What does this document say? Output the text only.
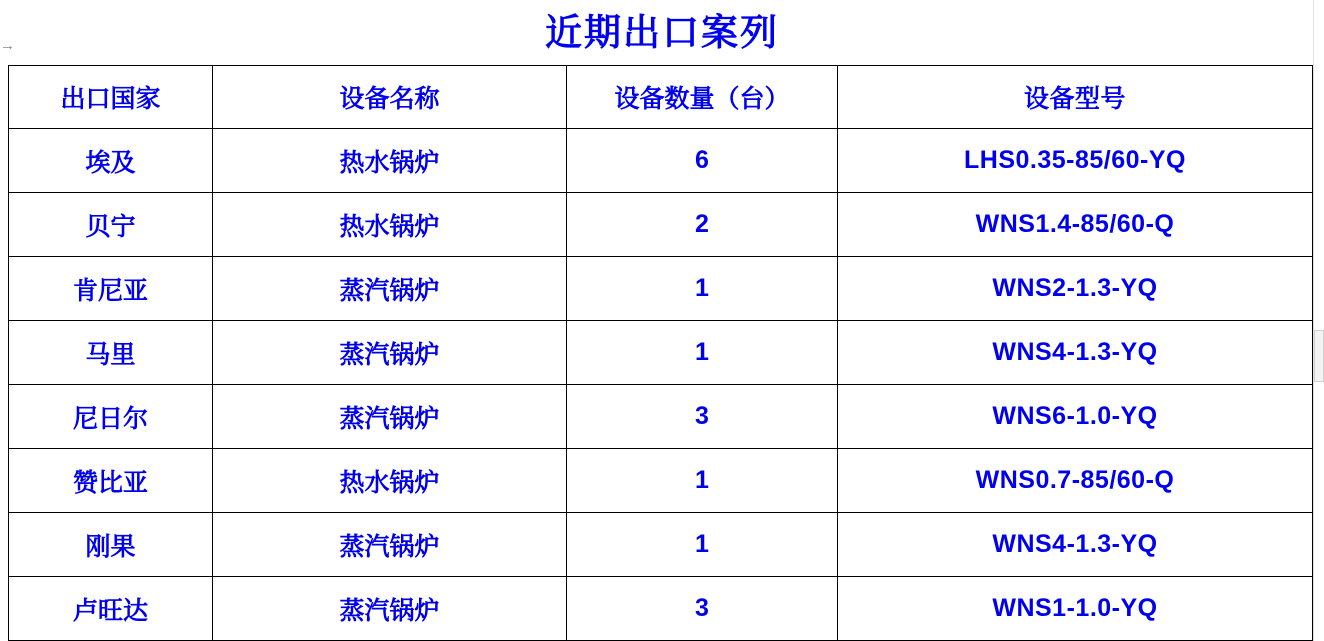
→	近期出口案列
出口国家	设备名称	设备数量（台）	设备型号
埃及	热水锅炉	6	LHS0.35-85/60-YQ
贝宁	热水锅炉	2	WNS1.4-85/60-Q
肯尼亚	蒸汽锅炉	1	WNS2-1.3-YQ
马里	蒸汽锅炉	1	WNS4-1.3-YQ
尼日尔	蒸汽锅炉	3	WNS6-1.0-YQ
赞比亚	热水锅炉	1	WNS0.7-85/60-Q
刚果	蒸汽锅炉	1	WNS4-1.3-YQ
卢旺达	蒸汽锅炉	3	WNS1-1.0-YQ
